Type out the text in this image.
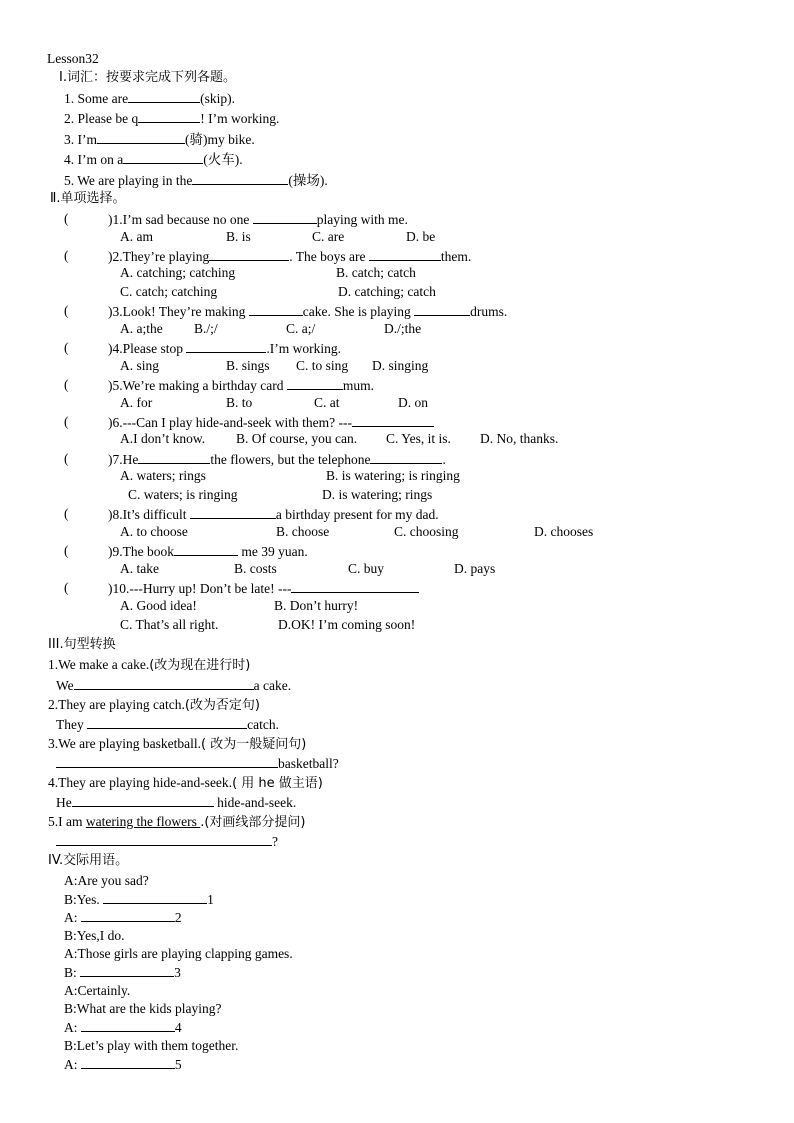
Lesson32
Ⅰ.词汇：按要求完成下列各题。
1. Some are	(skip).
2. Please be q	! I’m working.
3. I’m	(骑)my bike.
4. I’m on a	(火车).
5. We are playing in the	(操场).
Ⅱ.单项选择。
(	)1.I’m sad because no one	playing with me.
A. am	B. is	C. are	D. be
(	)2.They’re playing	. The boys are	them.
A. catching; catching	B. catch; catch
C. catch; catching	D. catching; catch
(	)3.Look! They’re making	cake. She is playing	drums.
A. a;the B./;/	C. a;/	D./;the
(	)4.Please stop	.I’m working.
A. sing	B. sings C. to sing D. singing
(	)5.We’re making a birthday card	mum.
A. for	B. to	C. at	D. on
(	)6.---Can I play hide-and-seek with them? ---
A.I don’t know. B. Of course, you can. C. Yes, it is. D. No, thanks.
(	)7.He	the flowers, but the telephone	.
A. waters; rings	B. is watering; is ringing
C. waters; is ringing	D. is watering; rings
(	)8.It’s difficult	a birthday present for my dad.
A. to choose	B. choose	C. choosing	D. chooses
(	)9.The book	me 39 yuan.
A. take	B. costs	C. buy	D. pays
(	)10.---Hurry up! Don’t be late! ---
A. Good idea!	B. Don’t hurry!
C. That’s all right.	D.OK! I’m coming soon!
III.句型转换
1.We make a cake.(改为现在进行时)
We	a cake.
2.They are playing catch.(改为否定句)
They	catch.
3.We are playing basketball.( 改为一般疑问句)
basketball?
4.They are playing hide-and-seek.( 用 he 做主语)
He	hide-and-seek.
5.I am watering the flowers .(对画线部分提问)
?
IV.交际用语。
A:Are you sad?
B:Yes.	1
A:	2
B:Yes,I do.
A:Those girls are playing clapping games.
B:	3
A:Certainly.
B:What are the kids playing?
A:	4
B:Let’s play with them together.
A:	5
